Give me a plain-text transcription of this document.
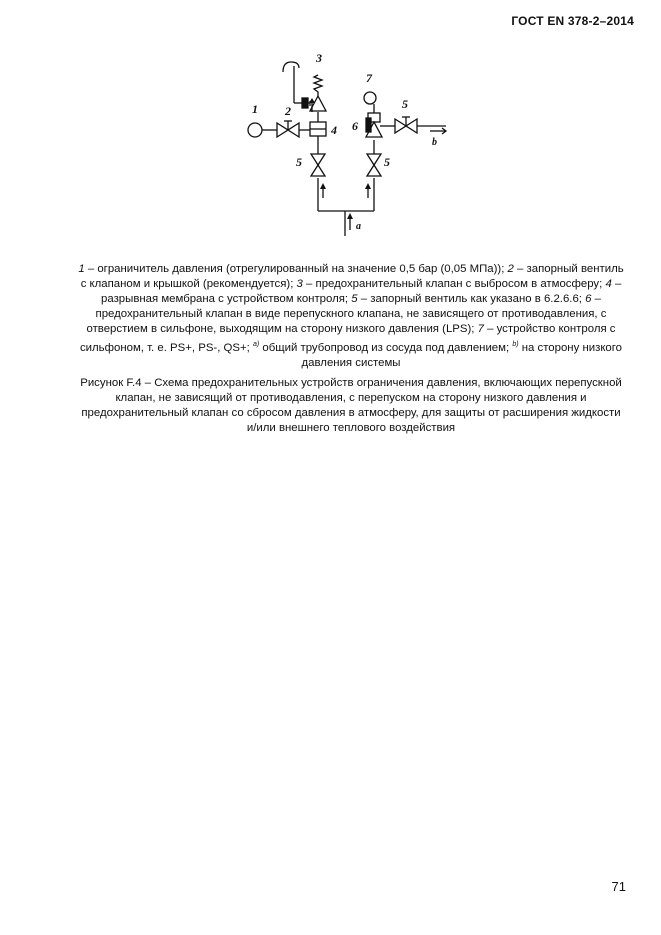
ГОСТ EN 378-2–2014
1 2
3
4
5	5
5
6
7
a
b
1 – ограничитель давления (отрегулированный на значение 0,5 бар (0,05 МПа)); 2 – запорный вентиль с клапаном и крышкой (рекомендуется); 3 – предохранительный клапан с выбросом в атмосферу; 4 – разрывная мембрана с устройством контроля; 5 – запорный вентиль как указано в 6.2.6.6; 6 – предохранительный клапан в виде перепускного клапана, не зависящего от противодавления, с отверстием в сильфоне, выходящим на сторону низкого давления (LPS); 7 – устройство контроля с сильфоном, т. е. PS+, PS-, QS+; $^{a)}$ общий трубопровод из сосуда под давлением; $^{b)}$ на сторону низкого давления системы
Рисунок F.4 – Схема предохранительных устройств ограничения давления, включающих перепускной клапан, не зависящий от противодавления, с перепуском на сторону низкого давления и предохранительный клапан со сбросом давления в атмосферу, для защиты от расширения жидкости и/или внешнего теплового воздействия
71
